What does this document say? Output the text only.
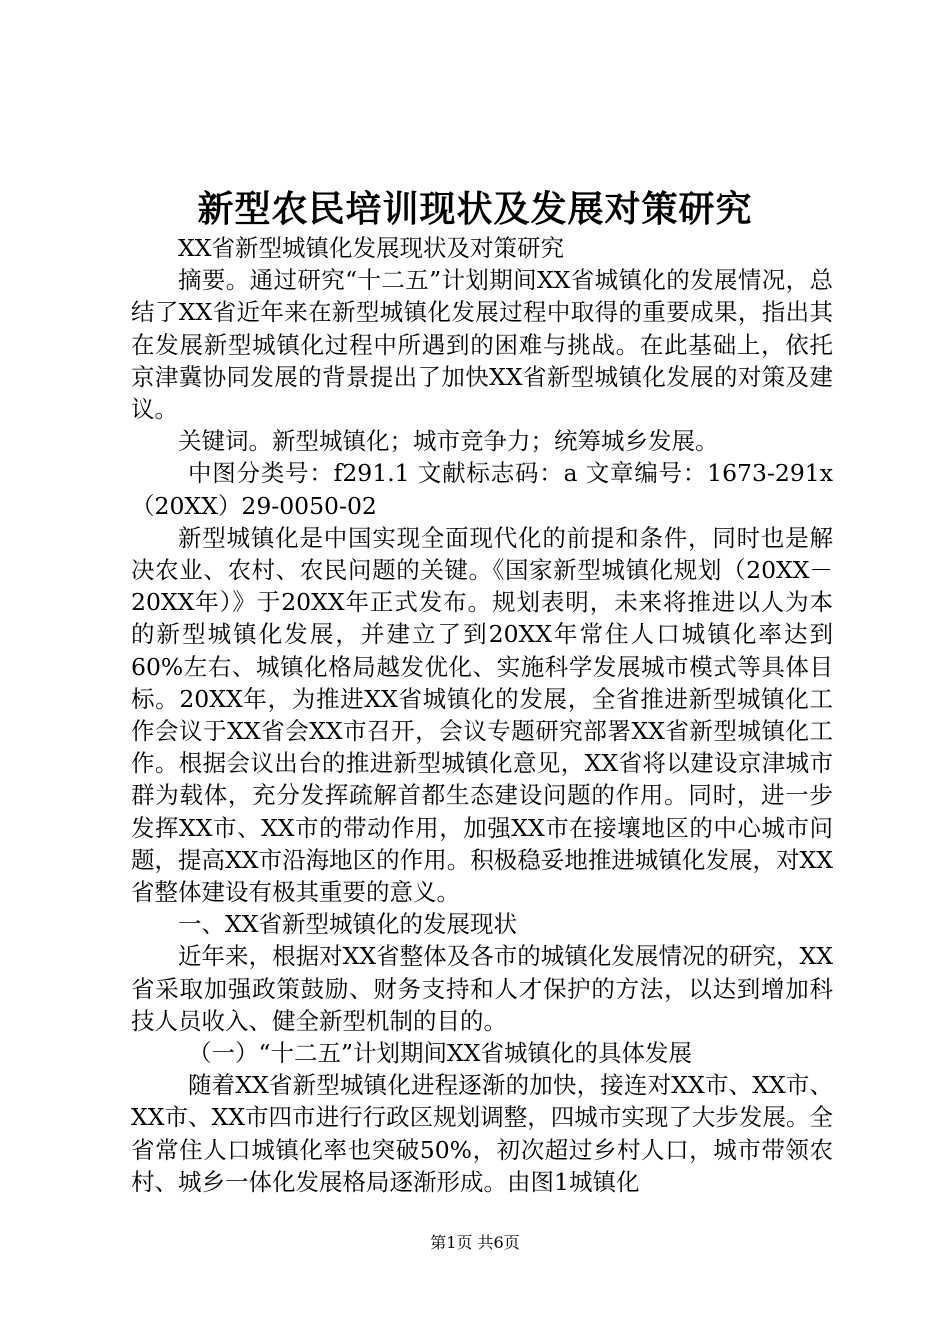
新型农民培训现状及发展对策研究

XX省新型城镇化发展现状及对策研究

摘要。通过研究“十二五”计划期间XX省城镇化的发展情况，总结了XX省近年来在新型城镇化发展过程中取得的重要成果，指出其在发展新型城镇化过程中所遇到的困难与挑战。在此基础上，依托京津冀协同发展的背景提出了加快XX省新型城镇化发展的对策及建议。

关键词。新型城镇化；城市竞争力；统筹城乡发展。

中图分类号：f291.1 文献标志码：a 文章编号：1673-291x（20XX）29-0050-02

新型城镇化是中国实现全面现代化的前提和条件，同时也是解决农业、农村、农民问题的关键。《国家新型城镇化规划（20XX－20XX年）》于20XX年正式发布。规划表明，未来将推进以人为本的新型城镇化发展，并建立了到20XX年常住人口城镇化率达到60%左右、城镇化格局越发优化、实施科学发展城市模式等具体目标。20XX年，为推进XX省城镇化的发展，全省推进新型城镇化工作会议于XX省会XX市召开，会议专题研究部署XX省新型城镇化工作。根据会议出台的推进新型城镇化意见，XX省将以建设京津城市群为载体，充分发挥疏解首都生态建设问题的作用。同时，进一步发挥XX市、XX市的带动作用，加强XX市在接壤地区的中心城市问题，提高XX市沿海地区的作用。积极稳妥地推进城镇化发展，对XX省整体建设有极其重要的意义。

一、XX省新型城镇化的发展现状

近年来，根据对XX省整体及各市的城镇化发展情况的研究，XX省采取加强政策鼓励、财务支持和人才保护的方法，以达到增加科技人员收入、健全新型机制的目的。

（一）“十二五”计划期间XX省城镇化的具体发展

随着XX省新型城镇化进程逐渐的加快，接连对XX市、XX市、XX市、XX市四市进行行政区规划调整，四城市实现了大步发展。全省常住人口城镇化率也突破50%，初次超过乡村人口，城市带领农村、城乡一体化发展格局逐渐形成。由图1城镇化

第1页 共6页
